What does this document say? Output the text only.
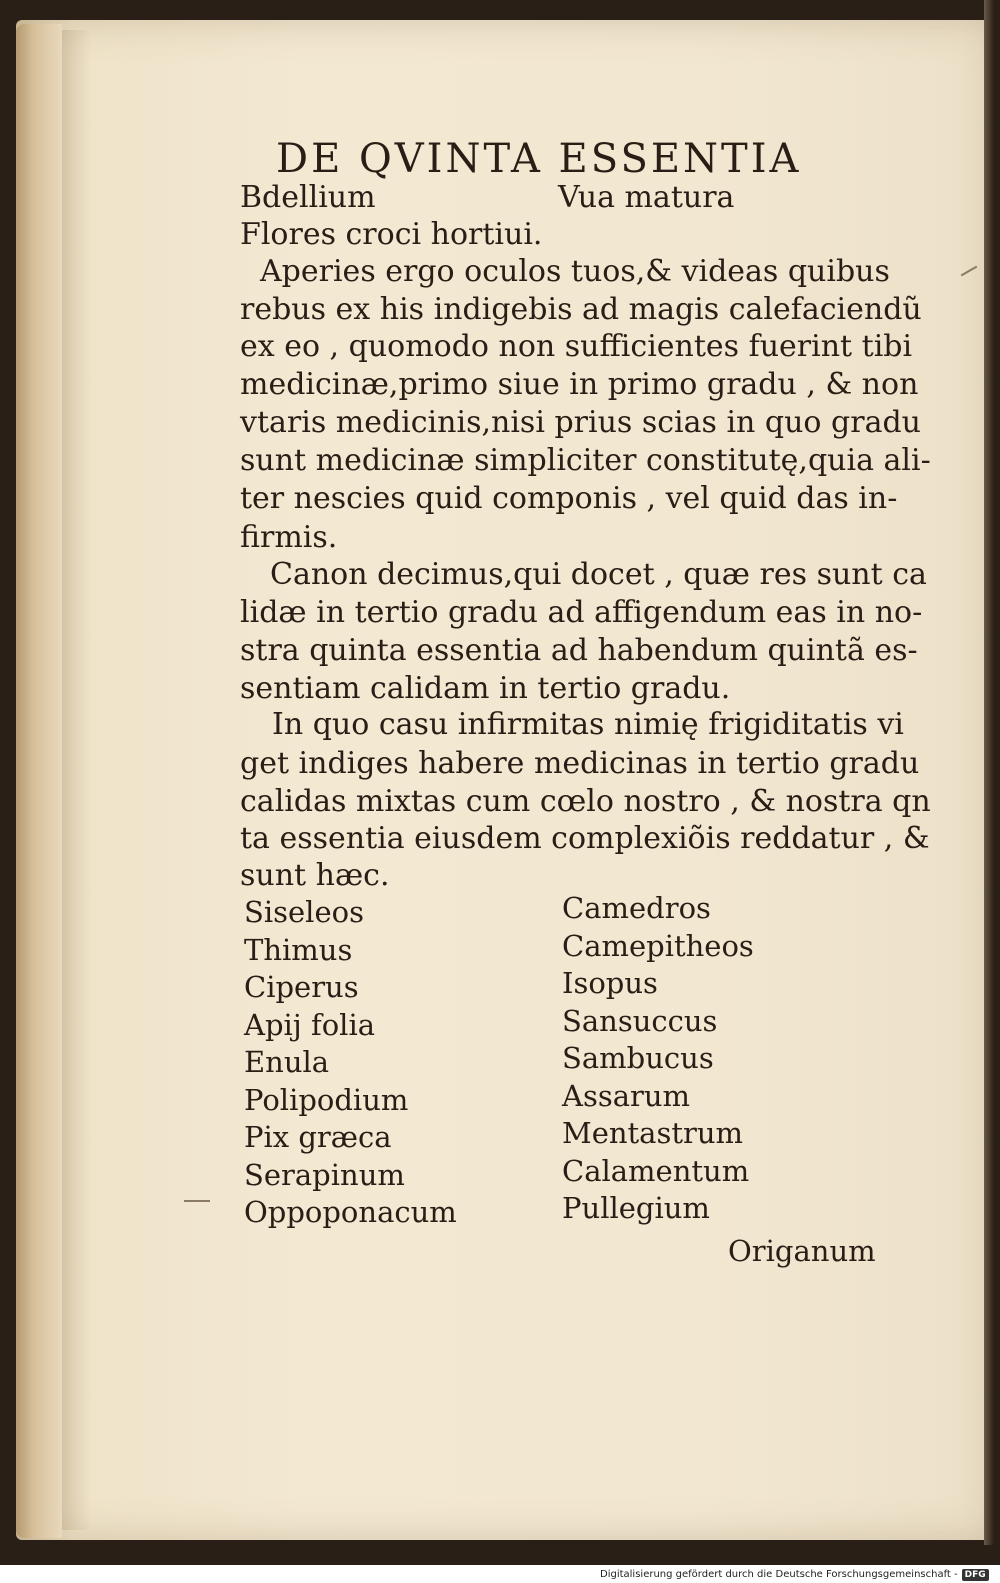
DE QVINTA ESSENTIA
Bdellium	Vua matura
Flores croci hortiui.
Aperies ergo oculos tuos,& videas quibus
rebus ex his indigebis ad magis calefaciendũ
ex eo , quomodo non sufficientes fuerint tibi
medicinæ,primo siue in primo gradu , & non
vtaris medicinis,nisi prius scias in quo gradu
sunt medicinæ simpliciter constitutę,quia ali-
ter nescies quid componis , vel quid das in-
firmis.
Canon decimus,qui docet , quæ res sunt ca
lidæ in tertio gradu ad affigendum eas in no-
stra quinta essentia ad habendum quintã es-
sentiam calidam in tertio gradu.
In quo casu infirmitas nimię frigiditatis vi
get indiges habere medicinas in tertio gradu
calidas mixtas cum cœlo nostro , & nostra qn
ta essentia eiusdem complexiõis reddatur , &
sunt hæc.
Siseleos
Thimus
Ciperus
Apij folia
Enula
Polipodium
Pix græca
Serapinum
Oppoponacum
Camedros
Camepitheos
Isopus
Sansuccus
Sambucus
Assarum
Mentastrum
Calamentum
Pullegium
Origanum
Digitalisierung gefördert durch die Deutsche Forschungsgemeinschaft - DFG
